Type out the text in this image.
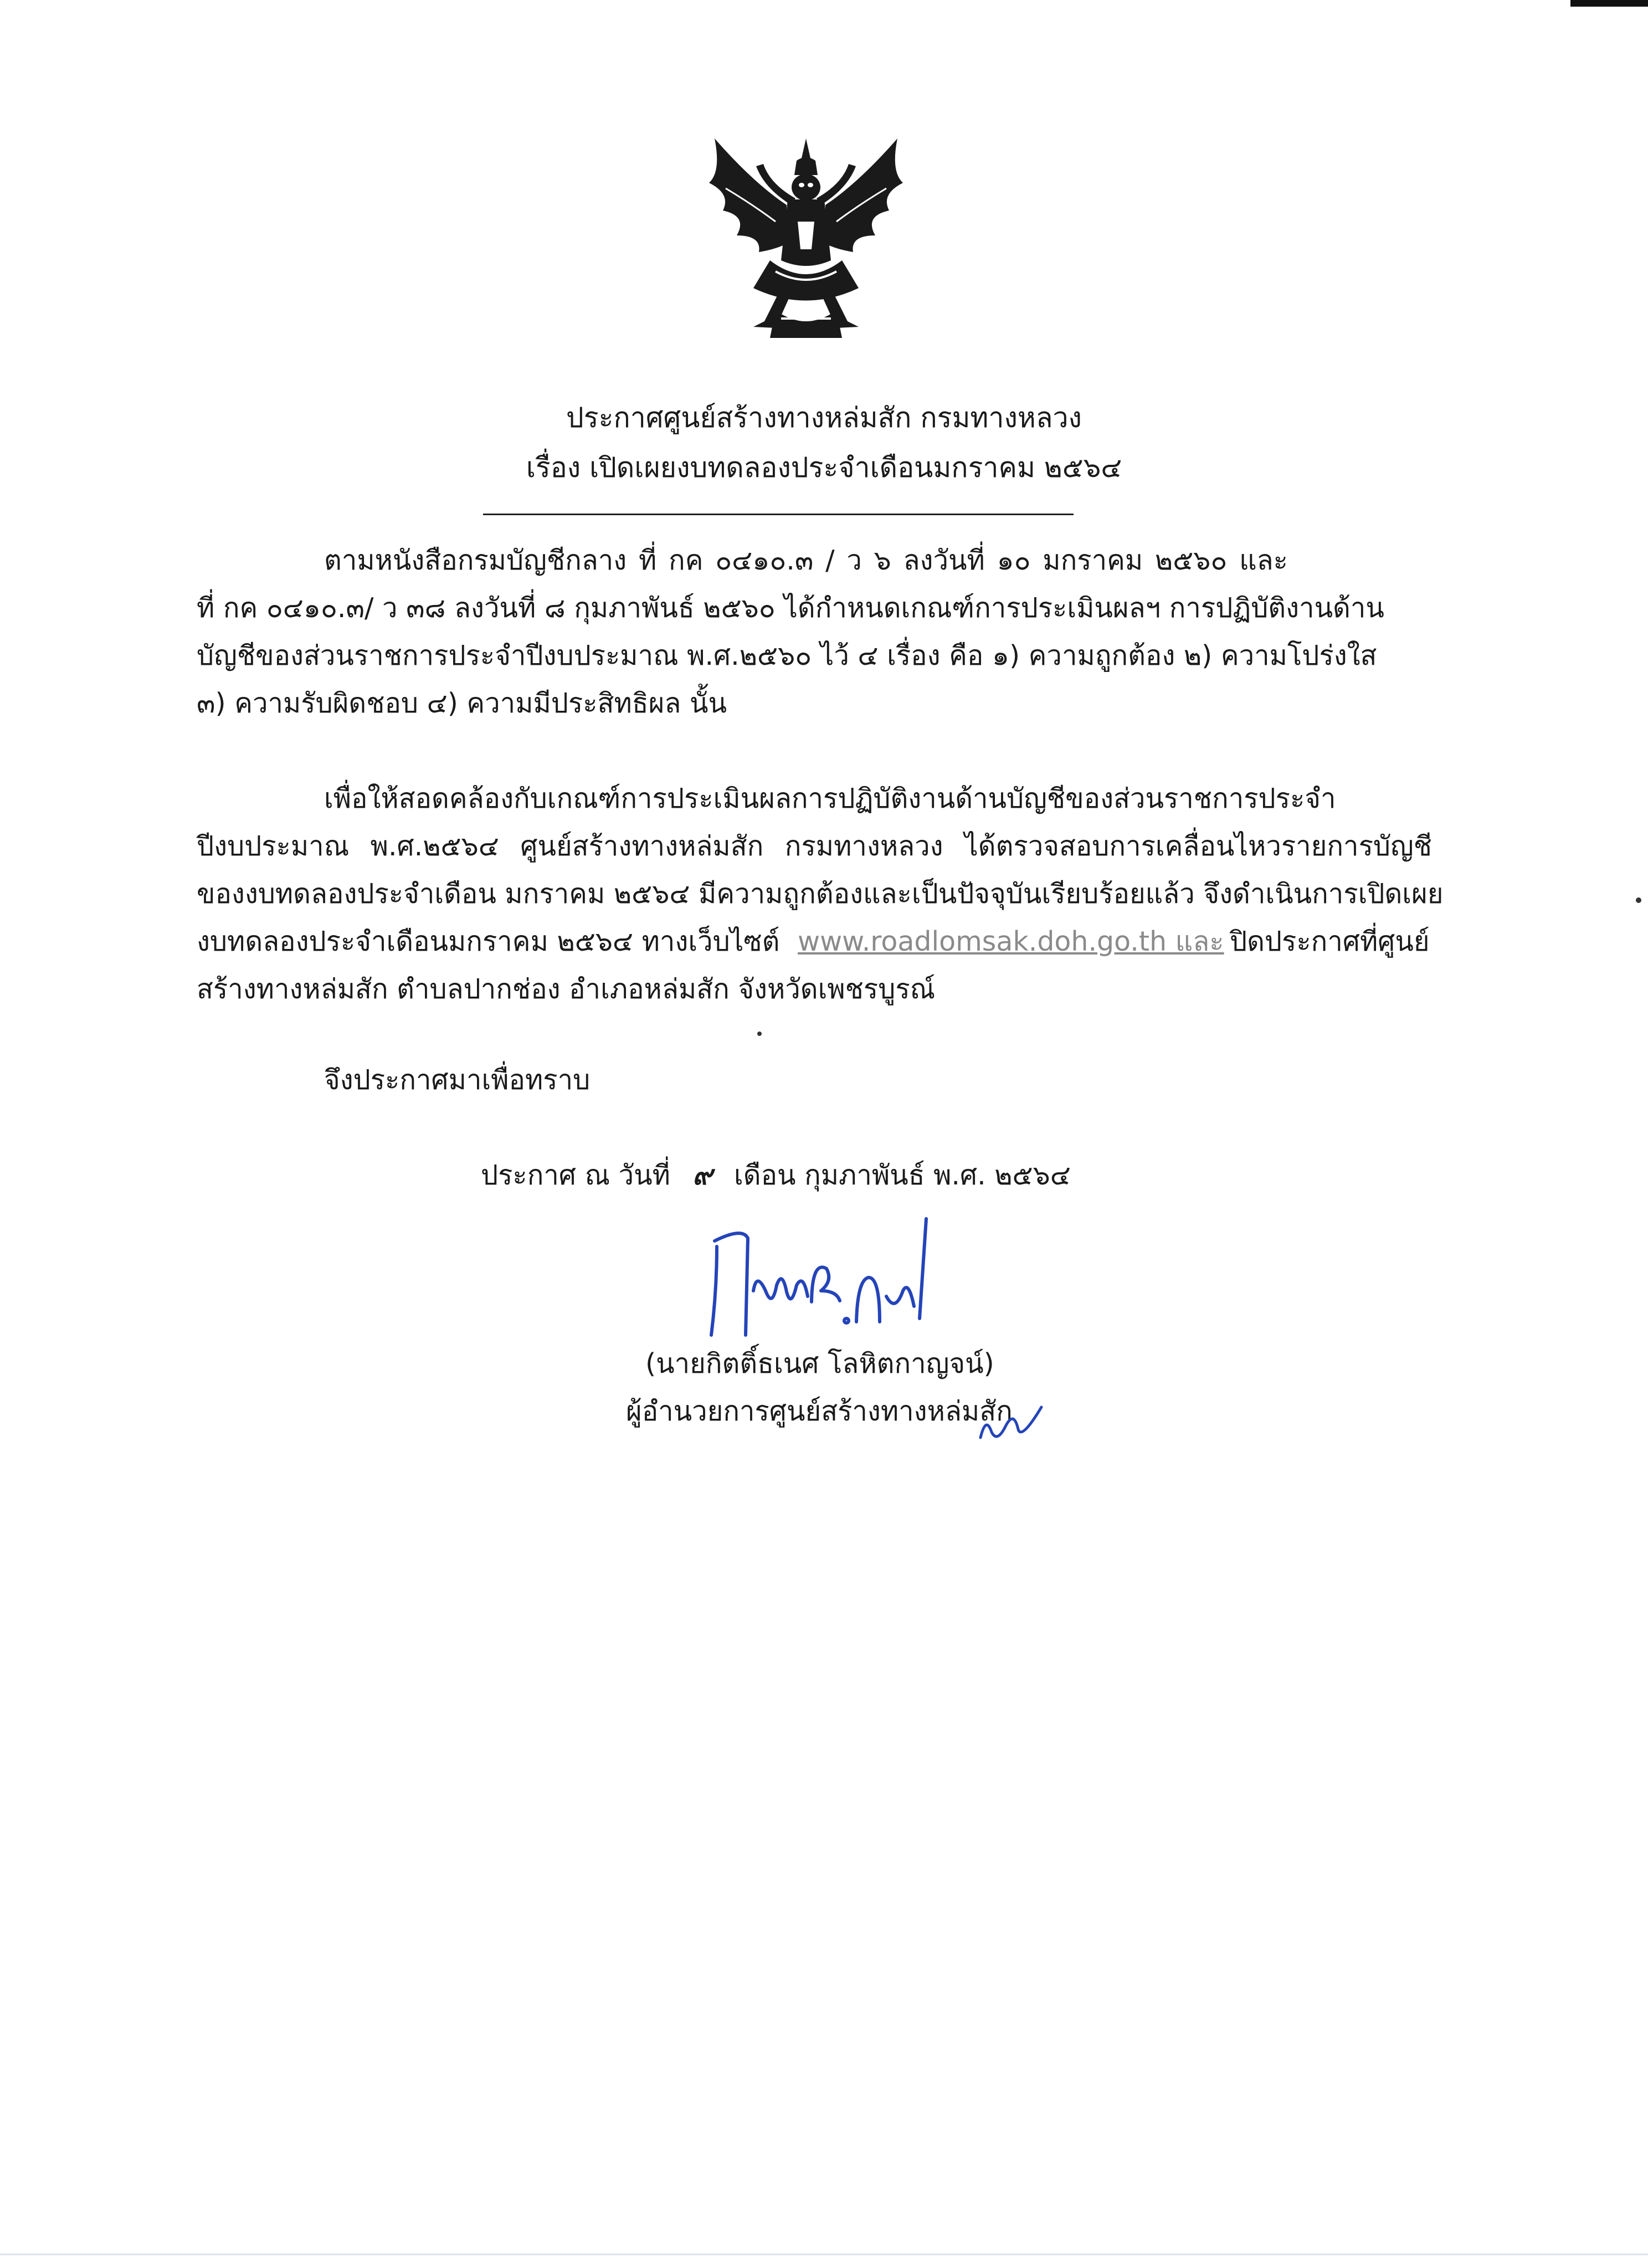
ประกาศศูนย์สร้างทางหล่มสัก กรมทางหลวง
เรื่อง เปิดเผยงบทดลองประจำเดือนมกราคม ๒๕๖๔
ตามหนังสือกรมบัญชีกลาง ที่ กค ๐๔๑๐.๓ / ว ๖ ลงวันที่ ๑๐ มกราคม ๒๕๖๐ และ
ที่ กค ๐๔๑๐.๓/ ว ๓๘ ลงวันที่ ๘ กุมภาพันธ์ ๒๕๖๐ ได้กำหนดเกณฑ์การประเมินผลฯ การปฏิบัติงานด้าน
บัญชีของส่วนราชการประจำปีงบประมาณ พ.ศ.๒๕๖๐ ไว้ ๔ เรื่อง คือ ๑) ความถูกต้อง ๒) ความโปร่งใส
๓) ความรับผิดชอบ ๔) ความมีประสิทธิผล นั้น
เพื่อให้สอดคล้องกับเกณฑ์การประเมินผลการปฏิบัติงานด้านบัญชีของส่วนราชการประจำ
ปีงบประมาณ พ.ศ.๒๕๖๔ ศูนย์สร้างทางหล่มสัก กรมทางหลวง ได้ตรวจสอบการเคลื่อนไหวรายการบัญชี
ของงบทดลองประจำเดือน มกราคม ๒๕๖๔ มีความถูกต้องและเป็นปัจจุบันเรียบร้อยแล้ว จึงดำเนินการเปิดเผย
งบทดลองประจำเดือนมกราคม ๒๕๖๔ ทางเว็บไซต์ www.roadlomsak.doh.go.th และ ปิดประกาศที่ศูนย์
สร้างทางหล่มสัก ตำบลปากช่อง อำเภอหล่มสัก จังหวัดเพชรบูรณ์
จึงประกาศมาเพื่อทราบ
ประกาศ ณ วันที่ ๙ เดือน กุมภาพันธ์ พ.ศ. ๒๕๖๔
(นายกิตติ์ธเนศ โลหิตกาญจน์)
ผู้อำนวยการศูนย์สร้างทางหล่มสัก
